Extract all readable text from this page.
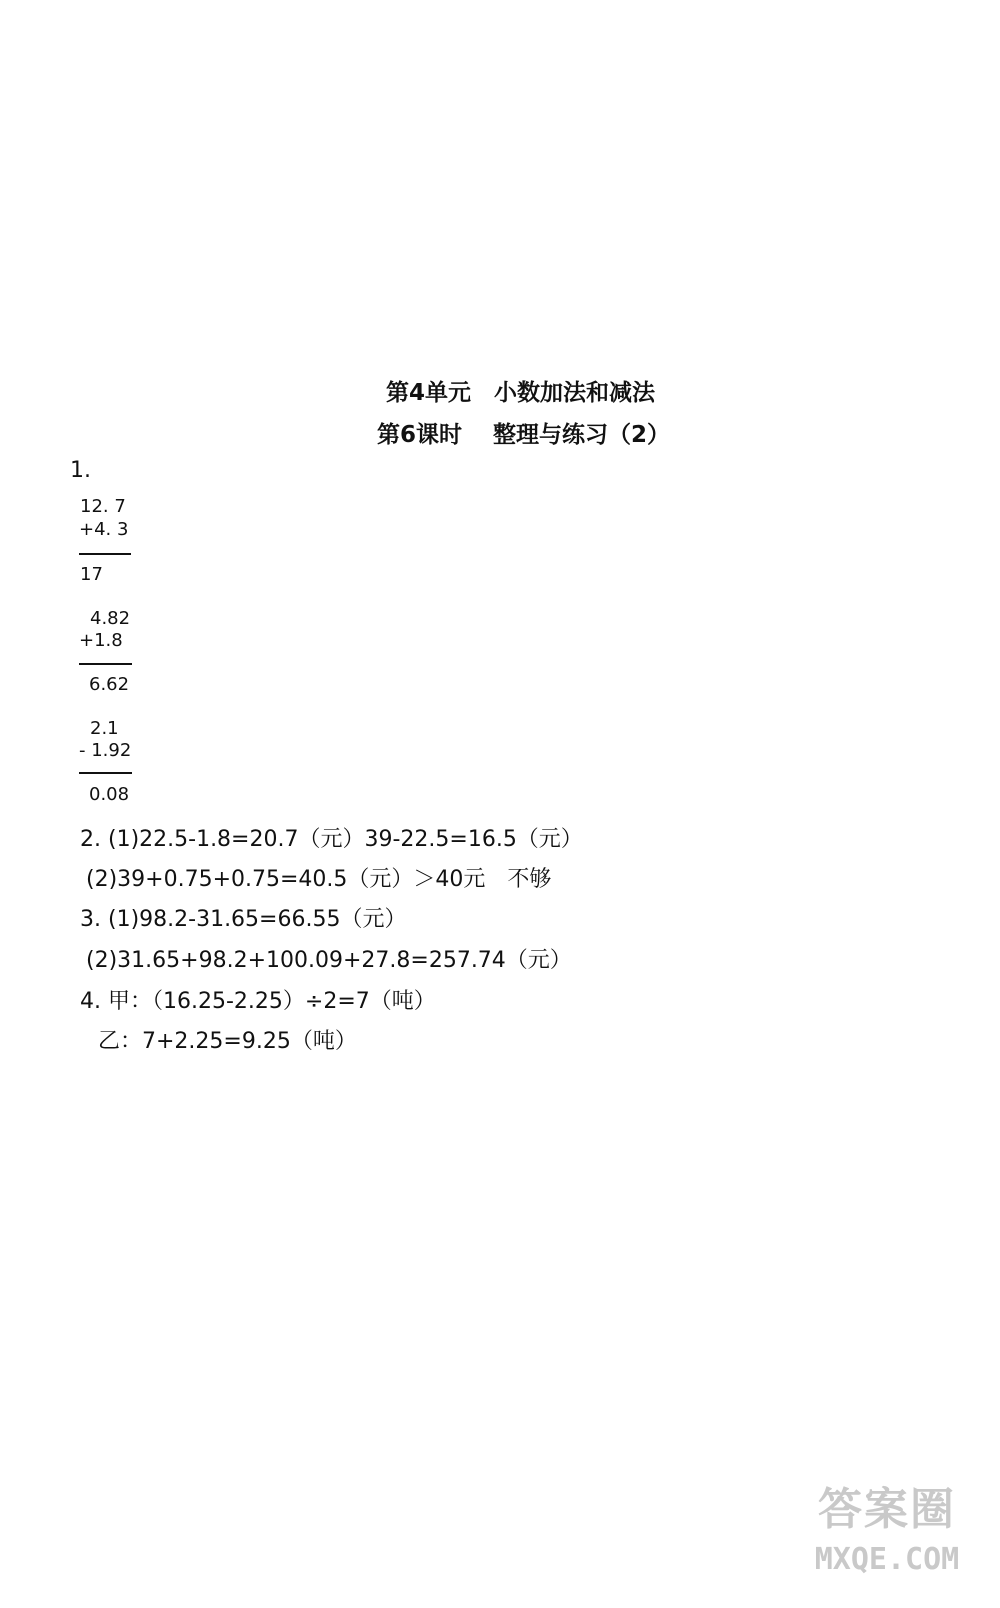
第4单元　小数加法和减法
第6课时　 整理与练习（2）
1.
12. 7
+4. 3
17
4.82
+1.8
6.62
2.1
- 1.92
0.08
2. (1)22.5-1.8=20.7（元）39-22.5=16.5（元）
(2)39+0.75+0.75=40.5（元）＞40元　不够
3. (1)98.2-31.65=66.55（元）
(2)31.65+98.2+100.09+27.8=257.74（元）
4. 甲：（16.25-2.25）÷2=7（吨）
乙：7+2.25=9.25（吨）
答案圈
MXQE.COM
